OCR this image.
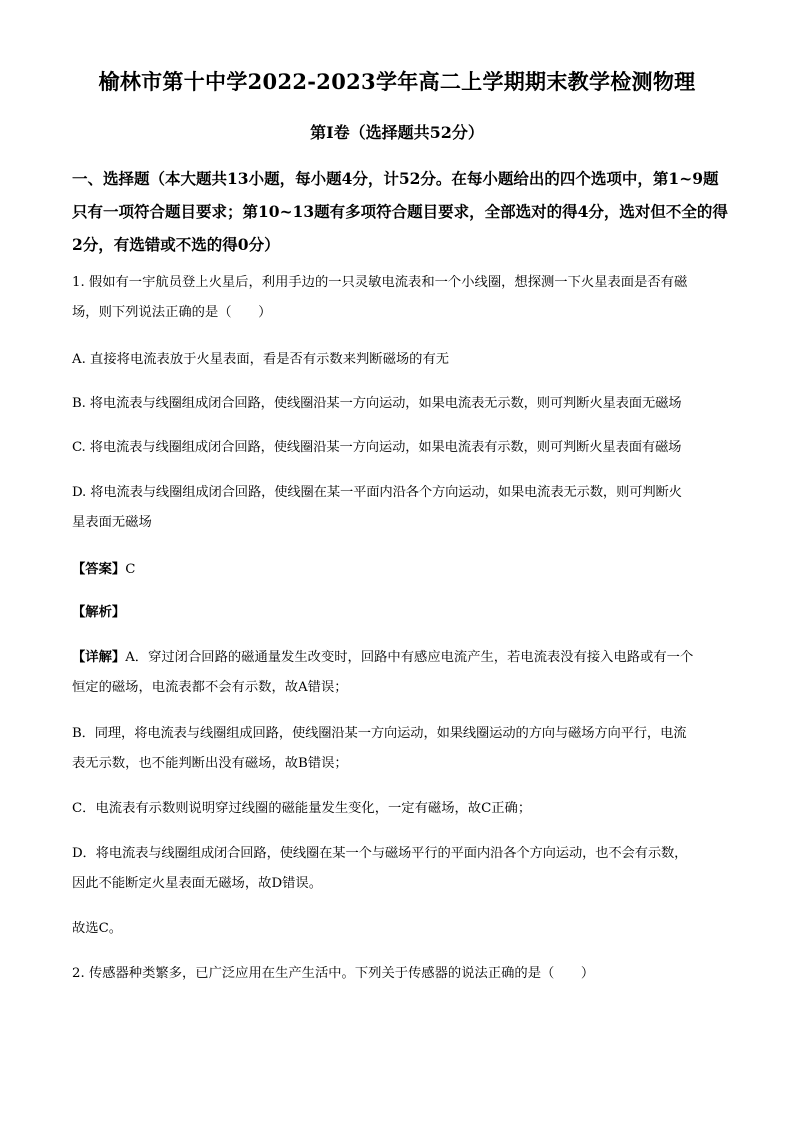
榆林市第十中学2022-2023学年高二上学期期末教学检测物理
第I卷（选择题共52分）
一、选择题（本大题共13小题，每小题4分，计52分。在每小题给出的四个选项中，第1~9题只有一项符合题目要求；第10~13题有多项符合题目要求，全部选对的得4分，选对但不全的得2分，有选错或不选的得0分）
1. 假如有一宇航员登上火星后，利用手边的一只灵敏电流表和一个小线圈，想探测一下火星表面是否有磁
场，则下列说法正确的是（　　）
A. 直接将电流表放于火星表面，看是否有示数来判断磁场的有无
B. 将电流表与线圈组成闭合回路，使线圈沿某一方向运动，如果电流表无示数，则可判断火星表面无磁场
C. 将电流表与线圈组成闭合回路，使线圈沿某一方向运动，如果电流表有示数，则可判断火星表面有磁场
D. 将电流表与线圈组成闭合回路，使线圈在某一平面内沿各个方向运动，如果电流表无示数，则可判断火
星表面无磁场
【答案】C
【解析】
【详解】A．穿过闭合回路的磁通量发生改变时，回路中有感应电流产生，若电流表没有接入电路或有一个
恒定的磁场，电流表都不会有示数，故A错误；
B．同理，将电流表与线圈组成回路，使线圈沿某一方向运动，如果线圈运动的方向与磁场方向平行，电流
表无示数，也不能判断出没有磁场，故B错误；
C．电流表有示数则说明穿过线圈的磁能量发生变化，一定有磁场，故C正确；
D．将电流表与线圈组成闭合回路，使线圈在某一个与磁场平行的平面内沿各个方向运动，也不会有示数，
因此不能断定火星表面无磁场，故D错误。
故选C。
2. 传感器种类繁多，已广泛应用在生产生活中。下列关于传感器的说法正确的是（　　）
